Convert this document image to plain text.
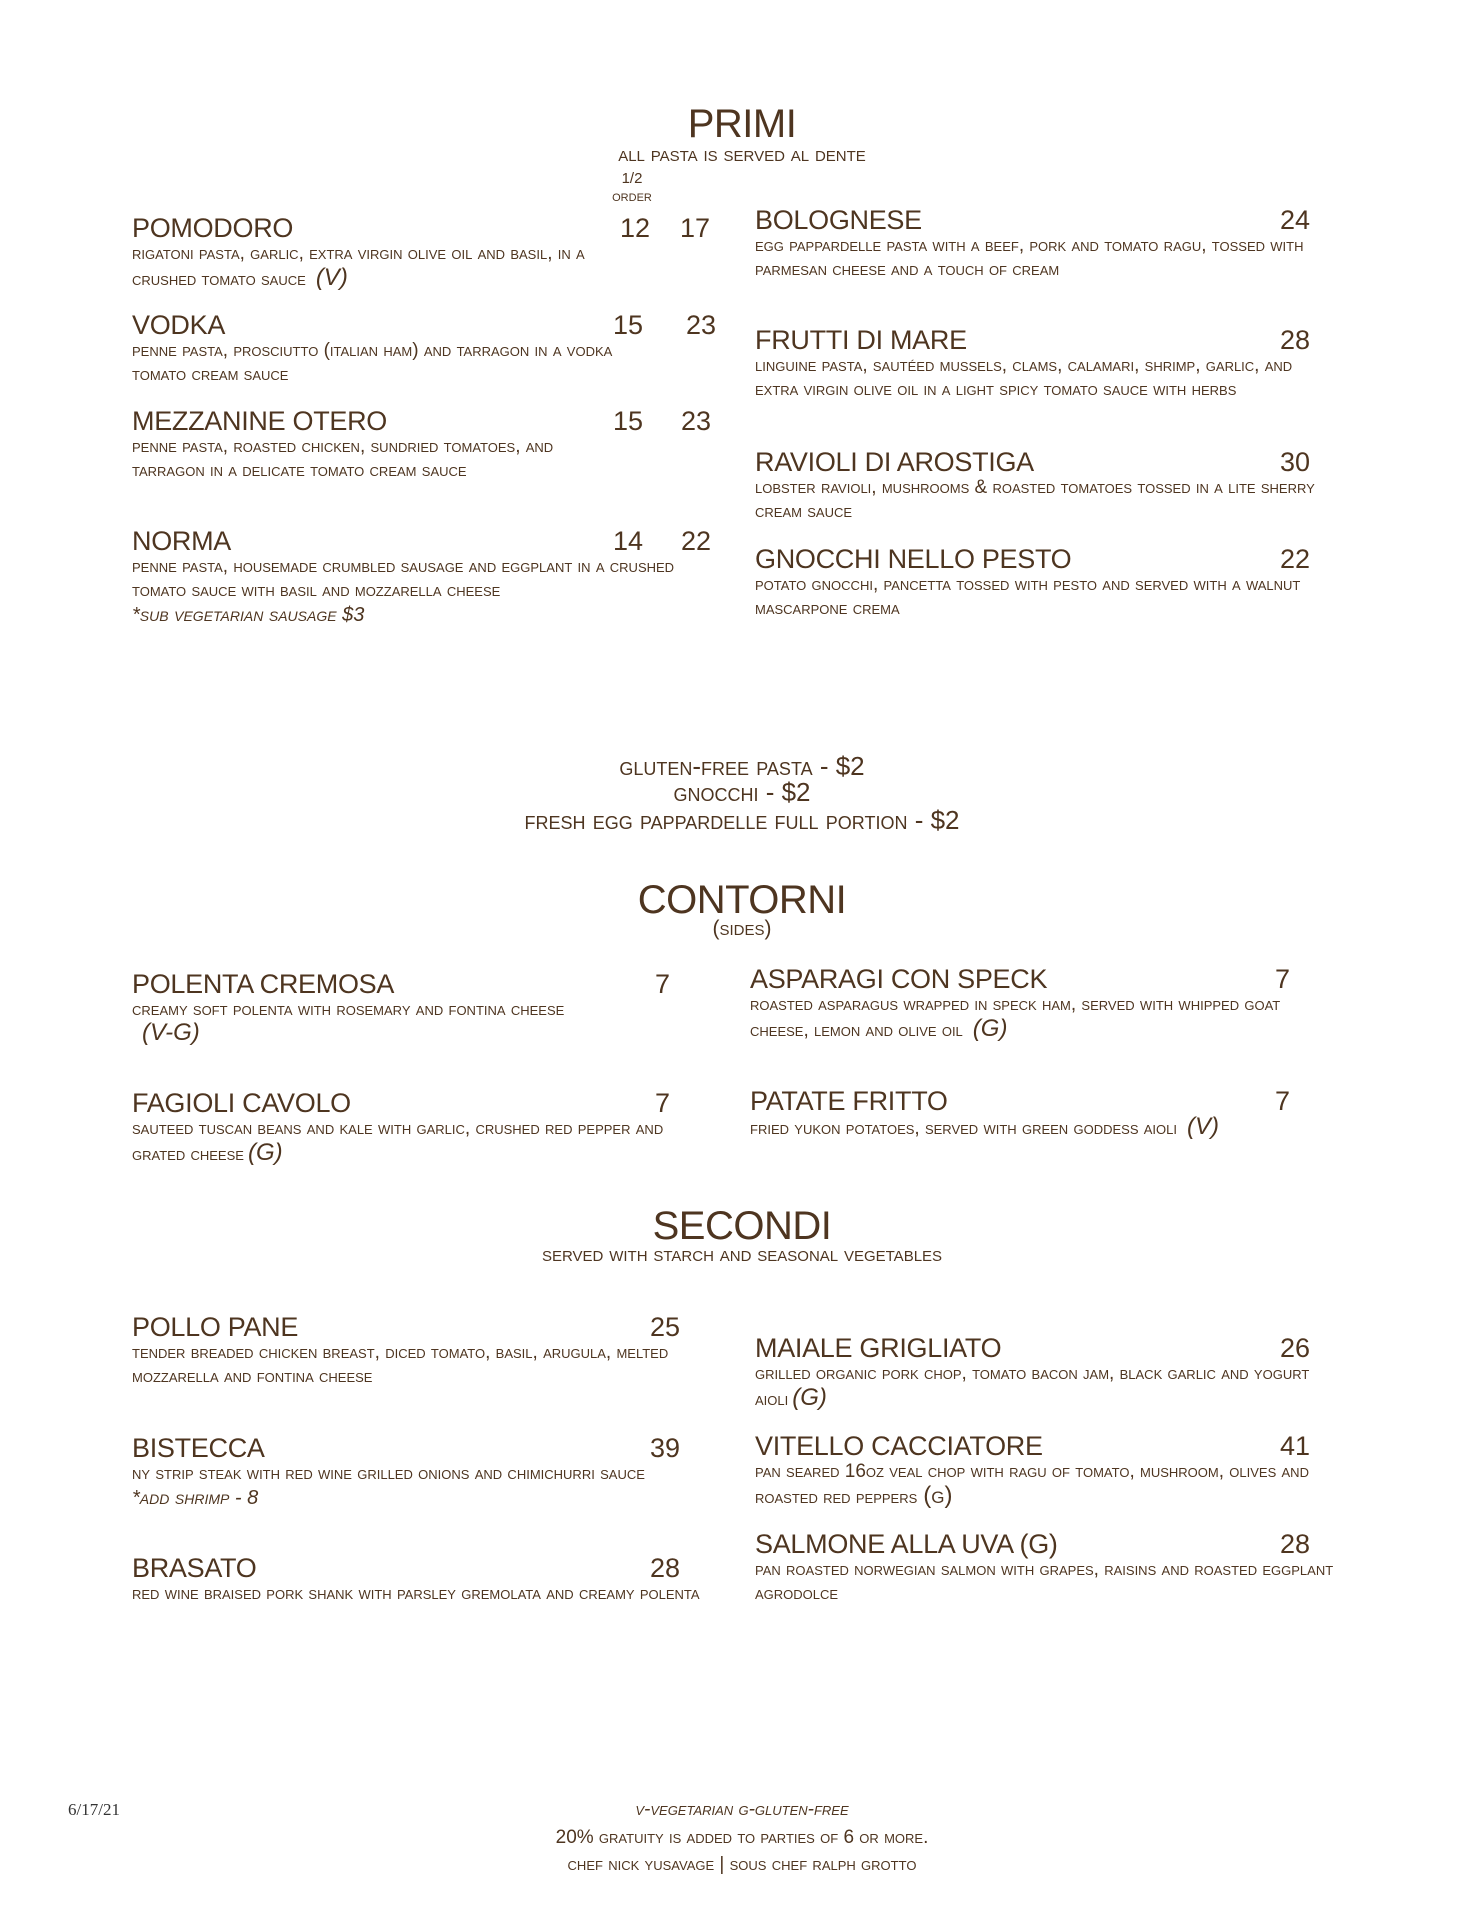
PRIMI
all pasta is served al dente
1/2
order
POMODORO
rigatoni pasta, garlic, extra virgin olive oil and basil, in a crushed tomato sauce (V)
12	17
VODKA
penne pasta, prosciutto (italian ham) and tarragon in a vodka tomato cream sauce
15	23
MEZZANINE OTERO
penne pasta, roasted chicken, sundried tomatoes, and tarragon in a delicate tomato cream sauce
15	23
NORMA
penne pasta, housemade crumbled sausage and eggplant in a crushed tomato sauce with basil and mozzarella cheese
*sub vegetarian sausage $3
14	22
BOLOGNESE
egg pappardelle pasta with a beef, pork and tomato ragu, tossed with parmesan cheese and a touch of cream
24
FRUTTI DI MARE
linguine pasta, sautéed mussels, clams, calamari, shrimp, garlic, and extra virgin olive oil in a light spicy tomato sauce with herbs
28
RAVIOLI DI AROSTIGA
lobster ravioli, mushrooms & roasted tomatoes tossed in a lite sherry cream sauce
30
GNOCCHI NELLO PESTO
potato gnocchi, pancetta tossed with pesto and served with a walnut mascarpone crema
22
gluten-free pasta - $2
gnocchi - $2
fresh egg pappardelle full portion - $2
CONTORNI
(sides)
POLENTA CREMOSA
creamy soft polenta with rosemary and fontina cheese
(V-G)
7
FAGIOLI CAVOLO
sauteed tuscan beans and kale with garlic, crushed red pepper and grated cheese (G)
7
ASPARAGI CON SPECK
roasted asparagus wrapped in speck ham, served with whipped goat cheese, lemon and olive oil (G)
7
PATATE FRITTO
fried yukon potatoes, served with green goddess aioli (V)
7
SECONDI
served with starch and seasonal vegetables
POLLO PANE
tender breaded chicken breast, diced tomato, basil, arugula, melted mozzarella and fontina cheese
25
BISTECCA
ny strip steak with red wine grilled onions and chimichurri sauce
*add shrimp - 8
39
BRASATO
red wine braised pork shank with parsley gremolata and creamy polenta
28
MAIALE GRIGLIATO
grilled organic pork chop, tomato bacon jam, black garlic and yogurt aioli (G)
26
VITELLO CACCIATORE
pan seared 16oz veal chop with ragu of tomato, mushroom, olives and roasted red peppers (g)
41
SALMONE ALLA UVA (G)
pan roasted norwegian salmon with grapes, raisins and roasted eggplant agrodolce
28
6/17/21	v-vegetarian g-gluten-free
20% gratuity is added to parties of 6 or more.
chef nick yusavage | sous chef ralph grotto
